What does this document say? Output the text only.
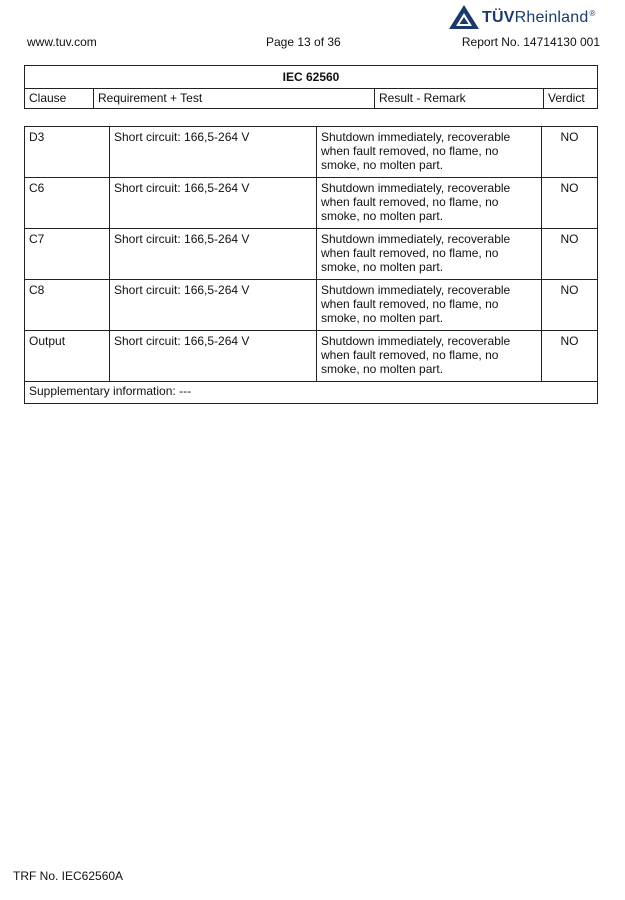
www.tuv.com	Page 13 of 36	Report No. 14714130 001
TÜVRheinland®
IEC 62560
Clause	Requirement + Test	Result - Remark	Verdict
D3	Short circuit: 166,5-264 V	Shutdown immediately, recoverable when fault removed, no flame, no smoke, no molten part.	NO
C6	Short circuit: 166,5-264 V	Shutdown immediately, recoverable when fault removed, no flame, no smoke, no molten part.	NO
C7	Short circuit: 166,5-264 V	Shutdown immediately, recoverable when fault removed, no flame, no smoke, no molten part.	NO
C8	Short circuit: 166,5-264 V	Shutdown immediately, recoverable when fault removed, no flame, no smoke, no molten part.	NO
Output	Short circuit: 166,5-264 V	Shutdown immediately, recoverable when fault removed, no flame, no smoke, no molten part.	NO
Supplementary information: ---			
TRF No. IEC62560A
